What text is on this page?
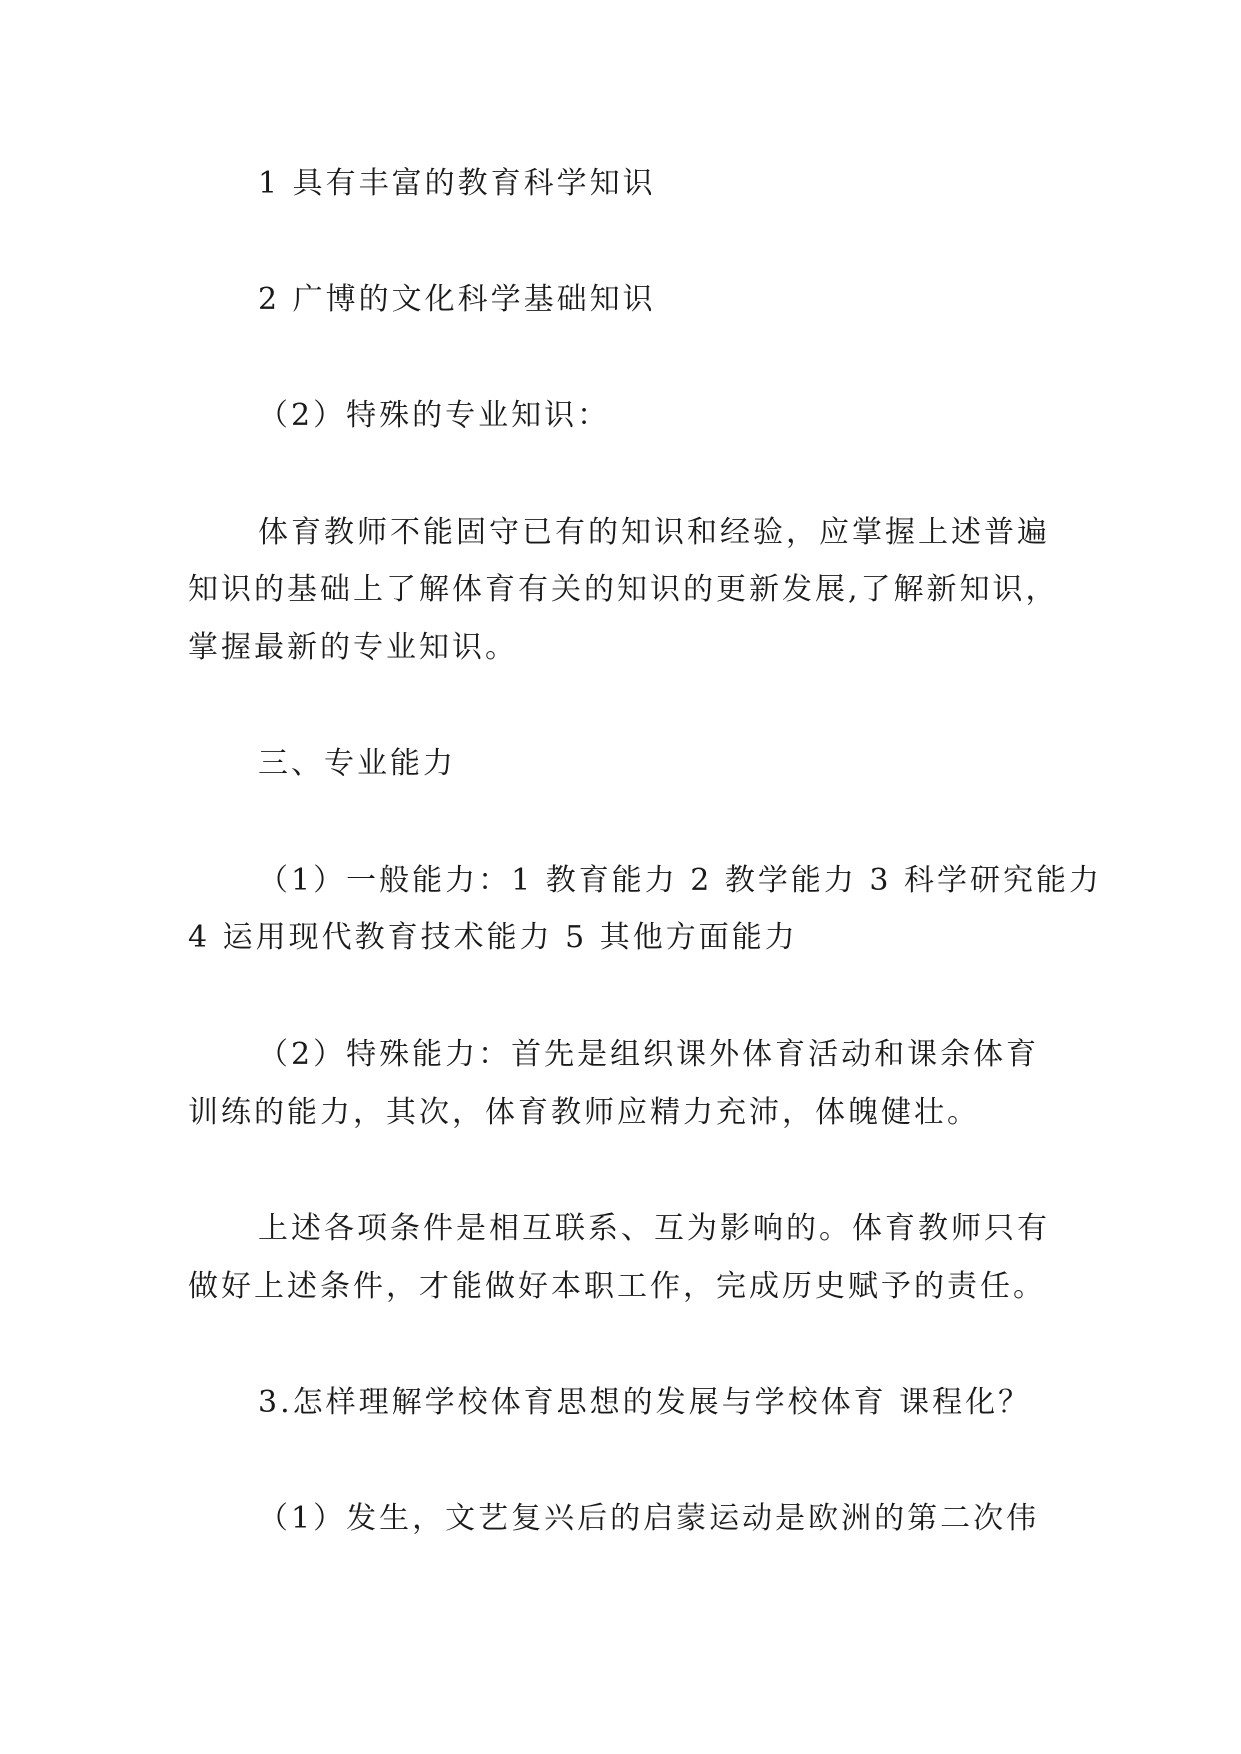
1 具有丰富的教育科学知识

2 广博的文化科学基础知识

（2）特殊的专业知识：

体育教师不能固守已有的知识和经验，应掌握上述普遍

知识的基础上了解体育有关的知识的更新发展,了解新知识，

掌握最新的专业知识。

三、专业能力

（1）一般能力：1 教育能力 2 教学能力 3 科学研究能力

4 运用现代教育技术能力 5 其他方面能力

（2）特殊能力：首先是组织课外体育活动和课余体育

训练的能力，其次，体育教师应精力充沛，体魄健壮。

上述各项条件是相互联系、互为影响的。体育教师只有

做好上述条件，才能做好本职工作，完成历史赋予的责任。

3.怎样理解学校体育思想的发展与学校体育 课程化？

（1）发生，文艺复兴后的启蒙运动是欧洲的第二次伟
